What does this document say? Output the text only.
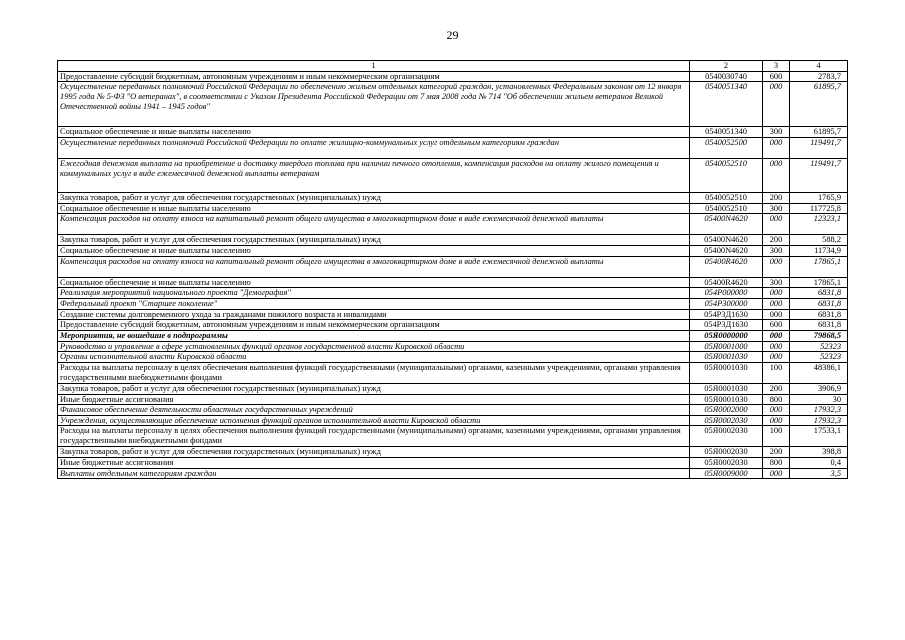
29
1	2	3	4
Предоставление субсидий бюджетным, автономным учреждениям и иным некоммерческим организациям	0540030740	600	2783,7
Осуществление переданных полномочий Российской Федерации по обеспечению жильем отдельных категорий граждан, установленных Федеральным законом от 12 января 1995 года № 5-ФЗ "О ветеранах", в соответствии с Указом Президента Российской Федерации от 7 мая 2008 года № 714 "Об обеспечении жильем ветеранов Великой Отечественной войны 1941 – 1945 годов"	0540051340	000	61895,7
Социальное обеспечение и иные выплаты населению	0540051340	300	61895,7
Осуществление переданных полномочий Российской Федерации по оплате жилищно-коммунальных услуг отдельным категориям граждан	0540052500	000	119491,7
Ежегодная денежная выплата на приобретение и доставку твердого топлива при наличии печного отопления, компенсация расходов на оплату жилого помещения и коммунальных услуг в виде ежемесячной денежной выплаты ветеранам	0540052510	000	119491,7
Закупка товаров, работ и услуг для обеспечения государственных (муниципальных) нужд	0540052510	200	1765,9
Социальное обеспечение и иные выплаты населению	0540052510	300	117725,8
Компенсация расходов на оплату взноса на капитальный ремонт общего имущества в многоквартирном доме в виде ежемесячной денежной выплаты	05400N4620	000	12323,1
Закупка товаров, работ и услуг для обеспечения государственных (муниципальных) нужд	05400N4620	200	588,2
Социальное обеспечение и иные выплаты населению	05400N4620	300	11734,9
Компенсация расходов на оплату взноса на капитальный ремонт общего имущества в многоквартирном доме в виде ежемесячной денежной выплаты	05400R4620	000	17865,1
Социальное обеспечение и иные выплаты населению	05400R4620	300	17865,1
Реализация мероприятий национального проекта "Демография"	054P000000	000	6831,8
Федеральный проект "Старшее поколение"	054P300000	000	6831,8
Создание системы долговременного ухода за гражданами пожилого возраста и инвалидами	054P3Д1630	000	6831,8
Предоставление субсидий бюджетным, автономным учреждениям и иным некоммерческим организациям	054P3Д1630	600	6831,8
Мероприятия, не вошедшие в подпрограммы	05Я0000000	000	79868,5
Руководство и управление в сфере установленных функций органов государственной власти Кировской области	05Я0001000	000	52323
Органы исполнительной власти Кировской области	05Я0001030	000	52323
Расходы на выплаты персоналу в целях обеспечения выполнения функций государственными (муниципальными) органами, казенными учреждениями, органами управления государственными внебюджетными фондами	05Я0001030	100	48386,1
Закупка товаров, работ и услуг для обеспечения государственных (муниципальных) нужд	05Я0001030	200	3906,9
Иные бюджетные ассигнования	05Я0001030	800	30
Финансовое обеспечение деятельности областных государственных учреждений	05Я0002000	000	17932,3
Учреждения, осуществляющие обеспечение исполнения функций органов исполнительной власти Кировской области	05Я0002030	000	17932,3
Расходы на выплаты персоналу в целях обеспечения выполнения функций государственными (муниципальными) органами, казенными учреждениями, органами управления государственными внебюджетными фондами	05Я0002030	100	17533,1
Закупка товаров, работ и услуг для обеспечения государственных (муниципальных) нужд	05Я0002030	200	398,8
Иные бюджетные ассигнования	05Я0002030	800	0,4
Выплаты отдельным категориям граждан	05Я0009000	000	3,5
